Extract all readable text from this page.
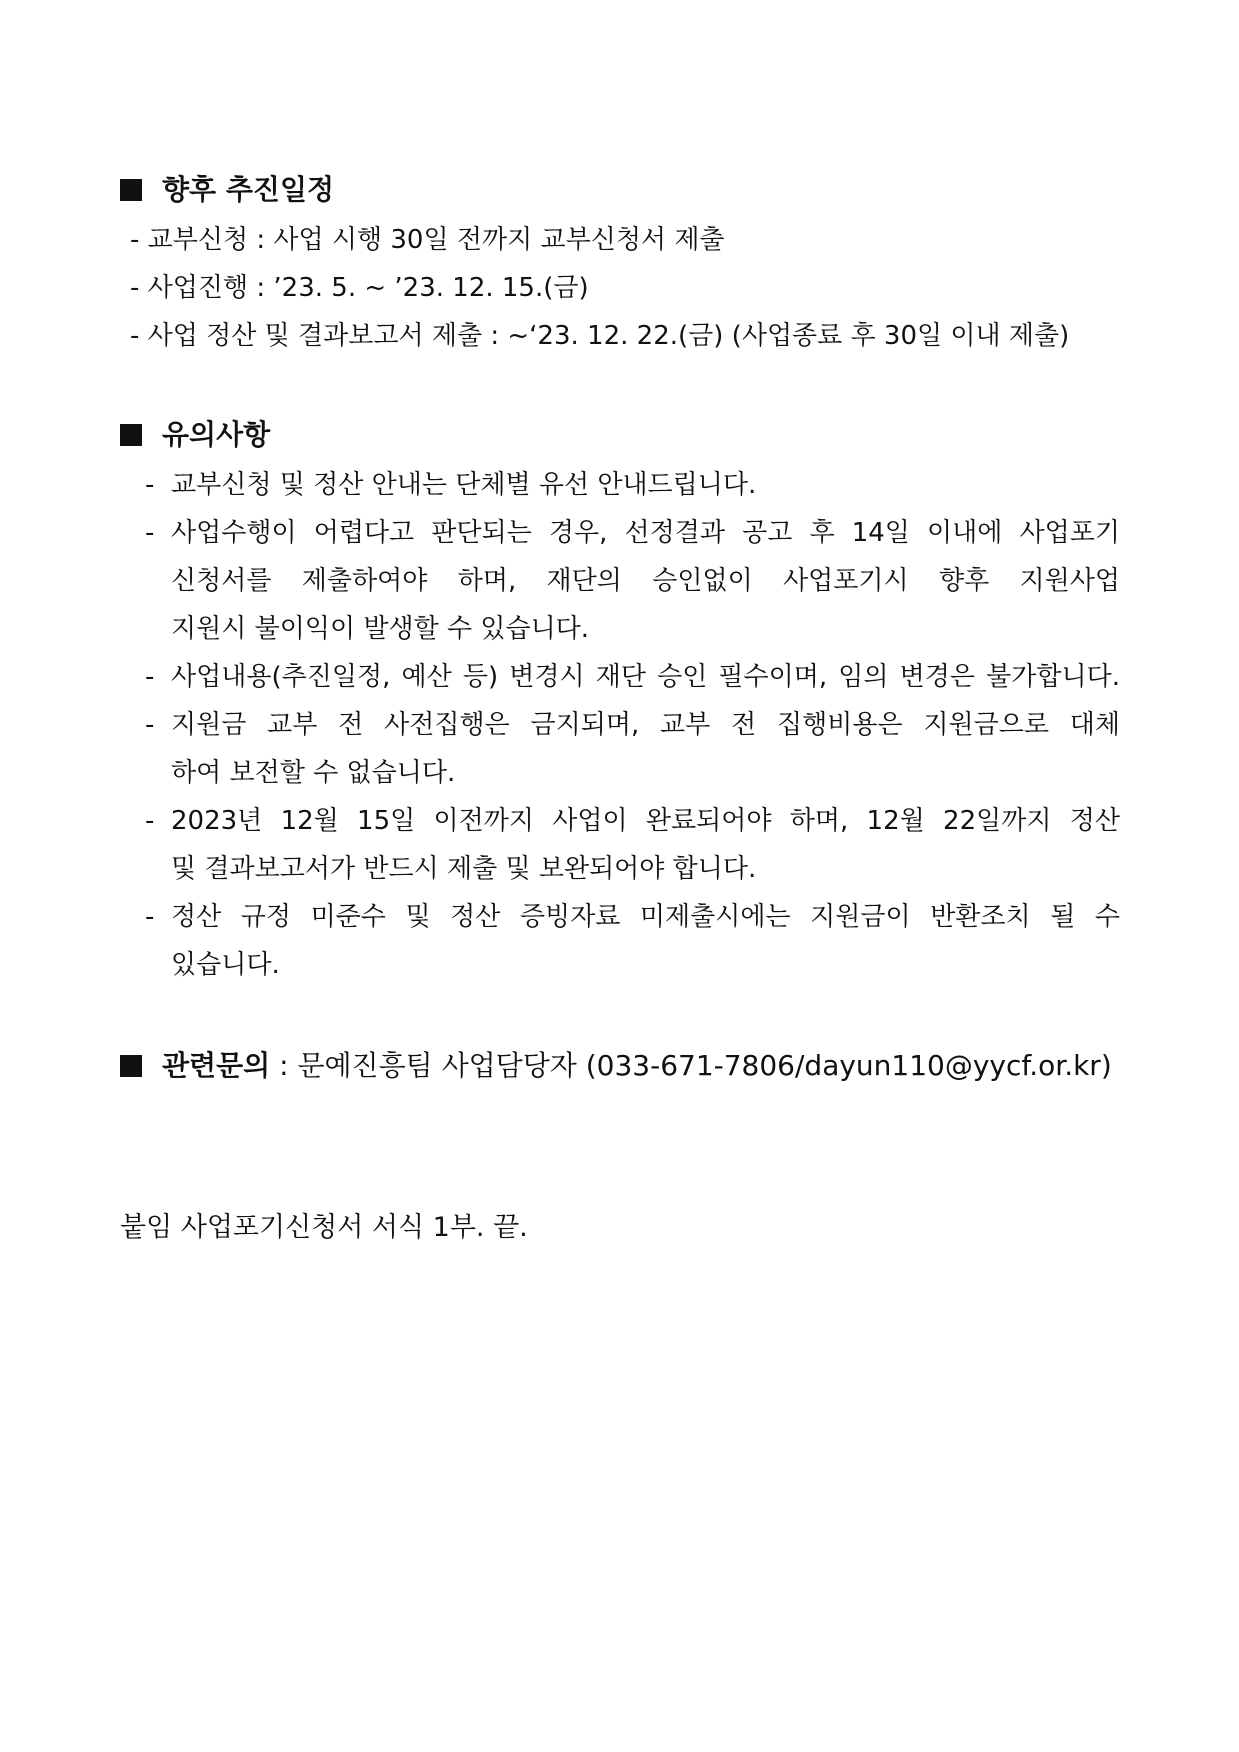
향후 추진일정
- 교부신청 : 사업 시행 30일 전까지 교부신청서 제출
- 사업진행 : ’23. 5. ~ ’23. 12. 15.(금)
- 사업 정산 및 결과보고서 제출 : ~‘23. 12. 22.(금) (사업종료 후 30일 이내 제출)
유의사항
- 교부신청 및 정산 안내는 단체별 유선 안내드립니다.
- 사업수행이 어렵다고 판단되는 경우, 선정결과 공고 후 14일 이내에 사업포기
신청서를 제출하여야 하며, 재단의 승인없이 사업포기시 향후 지원사업
지원시 불이익이 발생할 수 있습니다.
- 사업내용(추진일정, 예산 등) 변경시 재단 승인 필수이며, 임의 변경은 불가합니다.
- 지원금 교부 전 사전집행은 금지되며, 교부 전 집행비용은 지원금으로 대체
하여 보전할 수 없습니다.
- 2023년 12월 15일 이전까지 사업이 완료되어야 하며, 12월 22일까지 정산
및 결과보고서가 반드시 제출 및 보완되어야 합니다.
- 정산 규정 미준수 및 정산 증빙자료 미제출시에는 지원금이 반환조치 될 수
있습니다.
관련문의 : 문예진흥팀 사업담당자 (033-671-7806/dayun110@yycf.or.kr)
붙임 사업포기신청서 서식 1부. 끝.
